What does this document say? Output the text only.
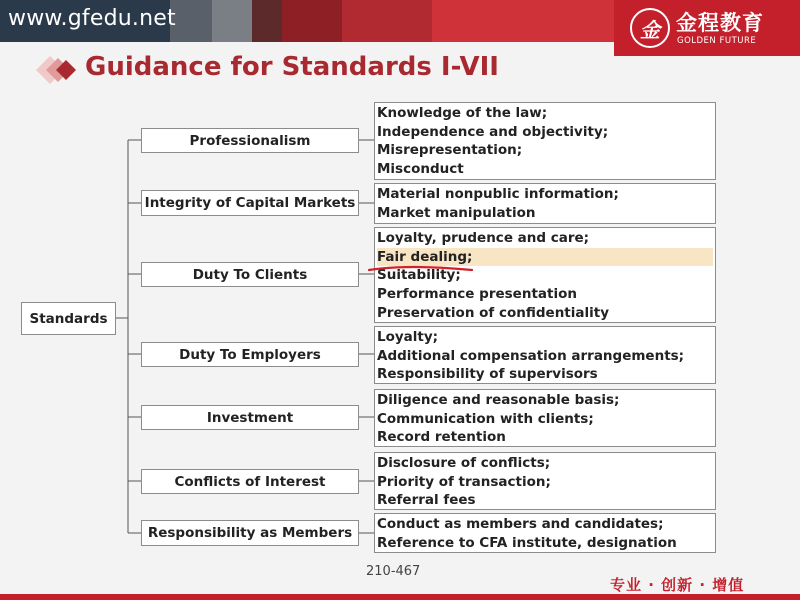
www.gfedu.net	金 金程教育
GOLDEN FUTURE
Guidance for Standards I-VII
Standards
Professionalism
Integrity of Capital Markets
Duty To Clients
Duty To Employers
Investment
Conflicts of Interest
Responsibility as Members
Knowledge of the law;
Independence and objectivity;
Misrepresentation;
Misconduct
Material nonpublic information;
Market manipulation
Loyalty, prudence and care;
Fair dealing;
Suitability;
Performance presentation
Preservation of confidentiality
Loyalty;
Additional compensation arrangements;
Responsibility of supervisors
Diligence and reasonable basis;
Communication with clients;
Record retention
Disclosure of conflicts;
Priority of transaction;
Referral fees
Conduct as members and candidates;
Reference to CFA institute, designation
210-467
专业 · 创新 · 增值
